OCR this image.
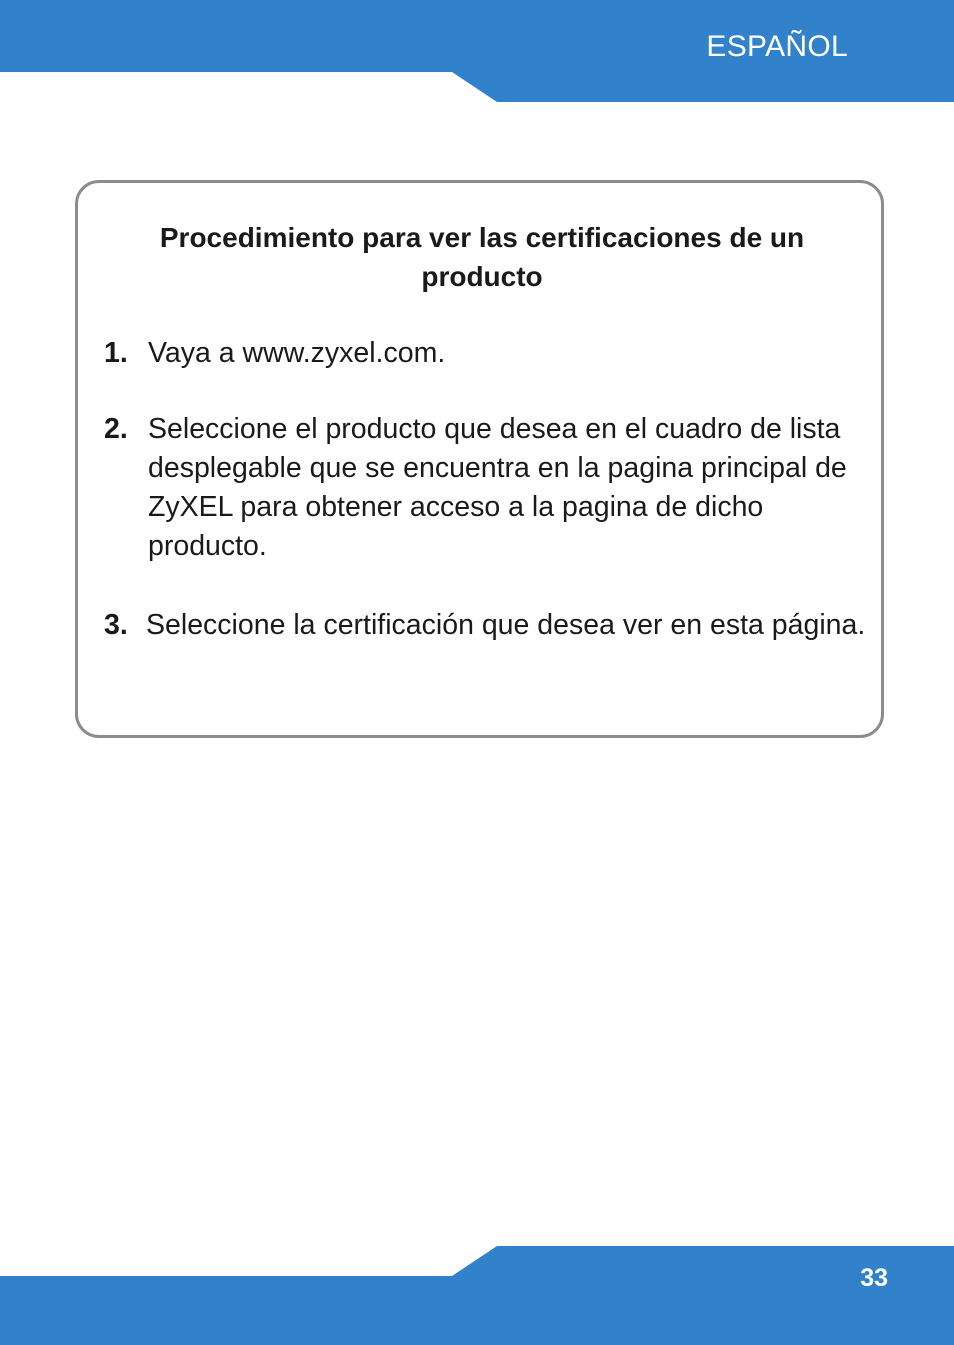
ESPAÑOL
Procedimiento para ver las certificaciones de un producto
1. Vaya a www.zyxel.com.
2. Seleccione el producto que desea en el cuadro de lista desplegable que se encuentra en la pagina principal de ZyXEL para obtener acceso a la pagina de dicho producto.
3. Seleccione la certificación que desea ver en esta página.
33
